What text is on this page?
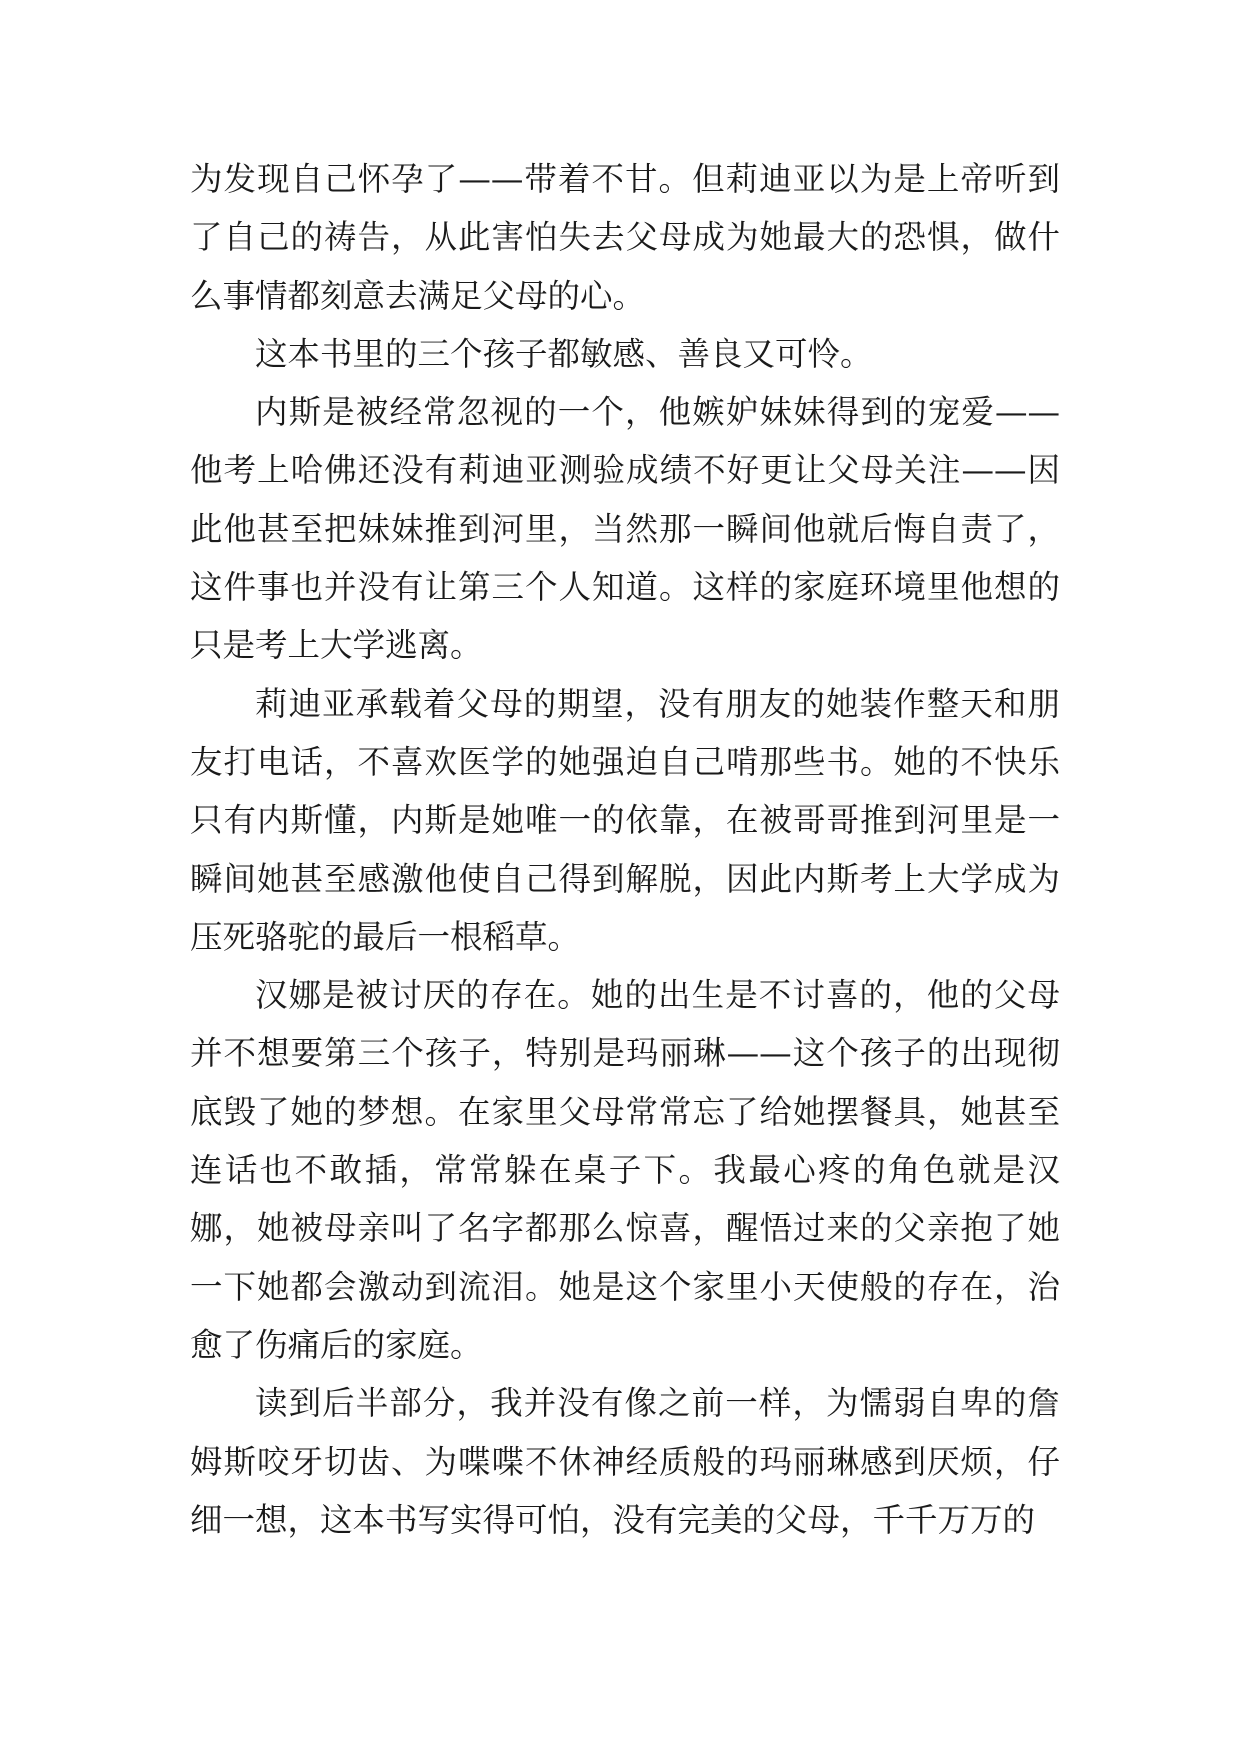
为发现自己怀孕了——带着不甘。但莉迪亚以为是上帝听到了自己的祷告，从此害怕失去父母成为她最大的恐惧，做什么事情都刻意去满足父母的心。

这本书里的三个孩子都敏感、善良又可怜。

内斯是被经常忽视的一个，他嫉妒妹妹得到的宠爱——他考上哈佛还没有莉迪亚测验成绩不好更让父母关注——因此他甚至把妹妹推到河里，当然那一瞬间他就后悔自责了，这件事也并没有让第三个人知道。这样的家庭环境里他想的只是考上大学逃离。

莉迪亚承载着父母的期望，没有朋友的她装作整天和朋友打电话，不喜欢医学的她强迫自己啃那些书。她的不快乐只有内斯懂，内斯是她唯一的依靠，在被哥哥推到河里是一瞬间她甚至感激他使自己得到解脱，因此内斯考上大学成为压死骆驼的最后一根稻草。

汉娜是被讨厌的存在。她的出生是不讨喜的，他的父母并不想要第三个孩子，特别是玛丽琳——这个孩子的出现彻底毁了她的梦想。在家里父母常常忘了给她摆餐具，她甚至连话也不敢插，常常躲在桌子下。我最心疼的角色就是汉娜，她被母亲叫了名字都那么惊喜，醒悟过来的父亲抱了她一下她都会激动到流泪。她是这个家里小天使般的存在，治愈了伤痛后的家庭。

读到后半部分，我并没有像之前一样，为懦弱自卑的詹姆斯咬牙切齿、为喋喋不休神经质般的玛丽琳感到厌烦，仔细一想，这本书写实得可怕，没有完美的父母，千千万万的
